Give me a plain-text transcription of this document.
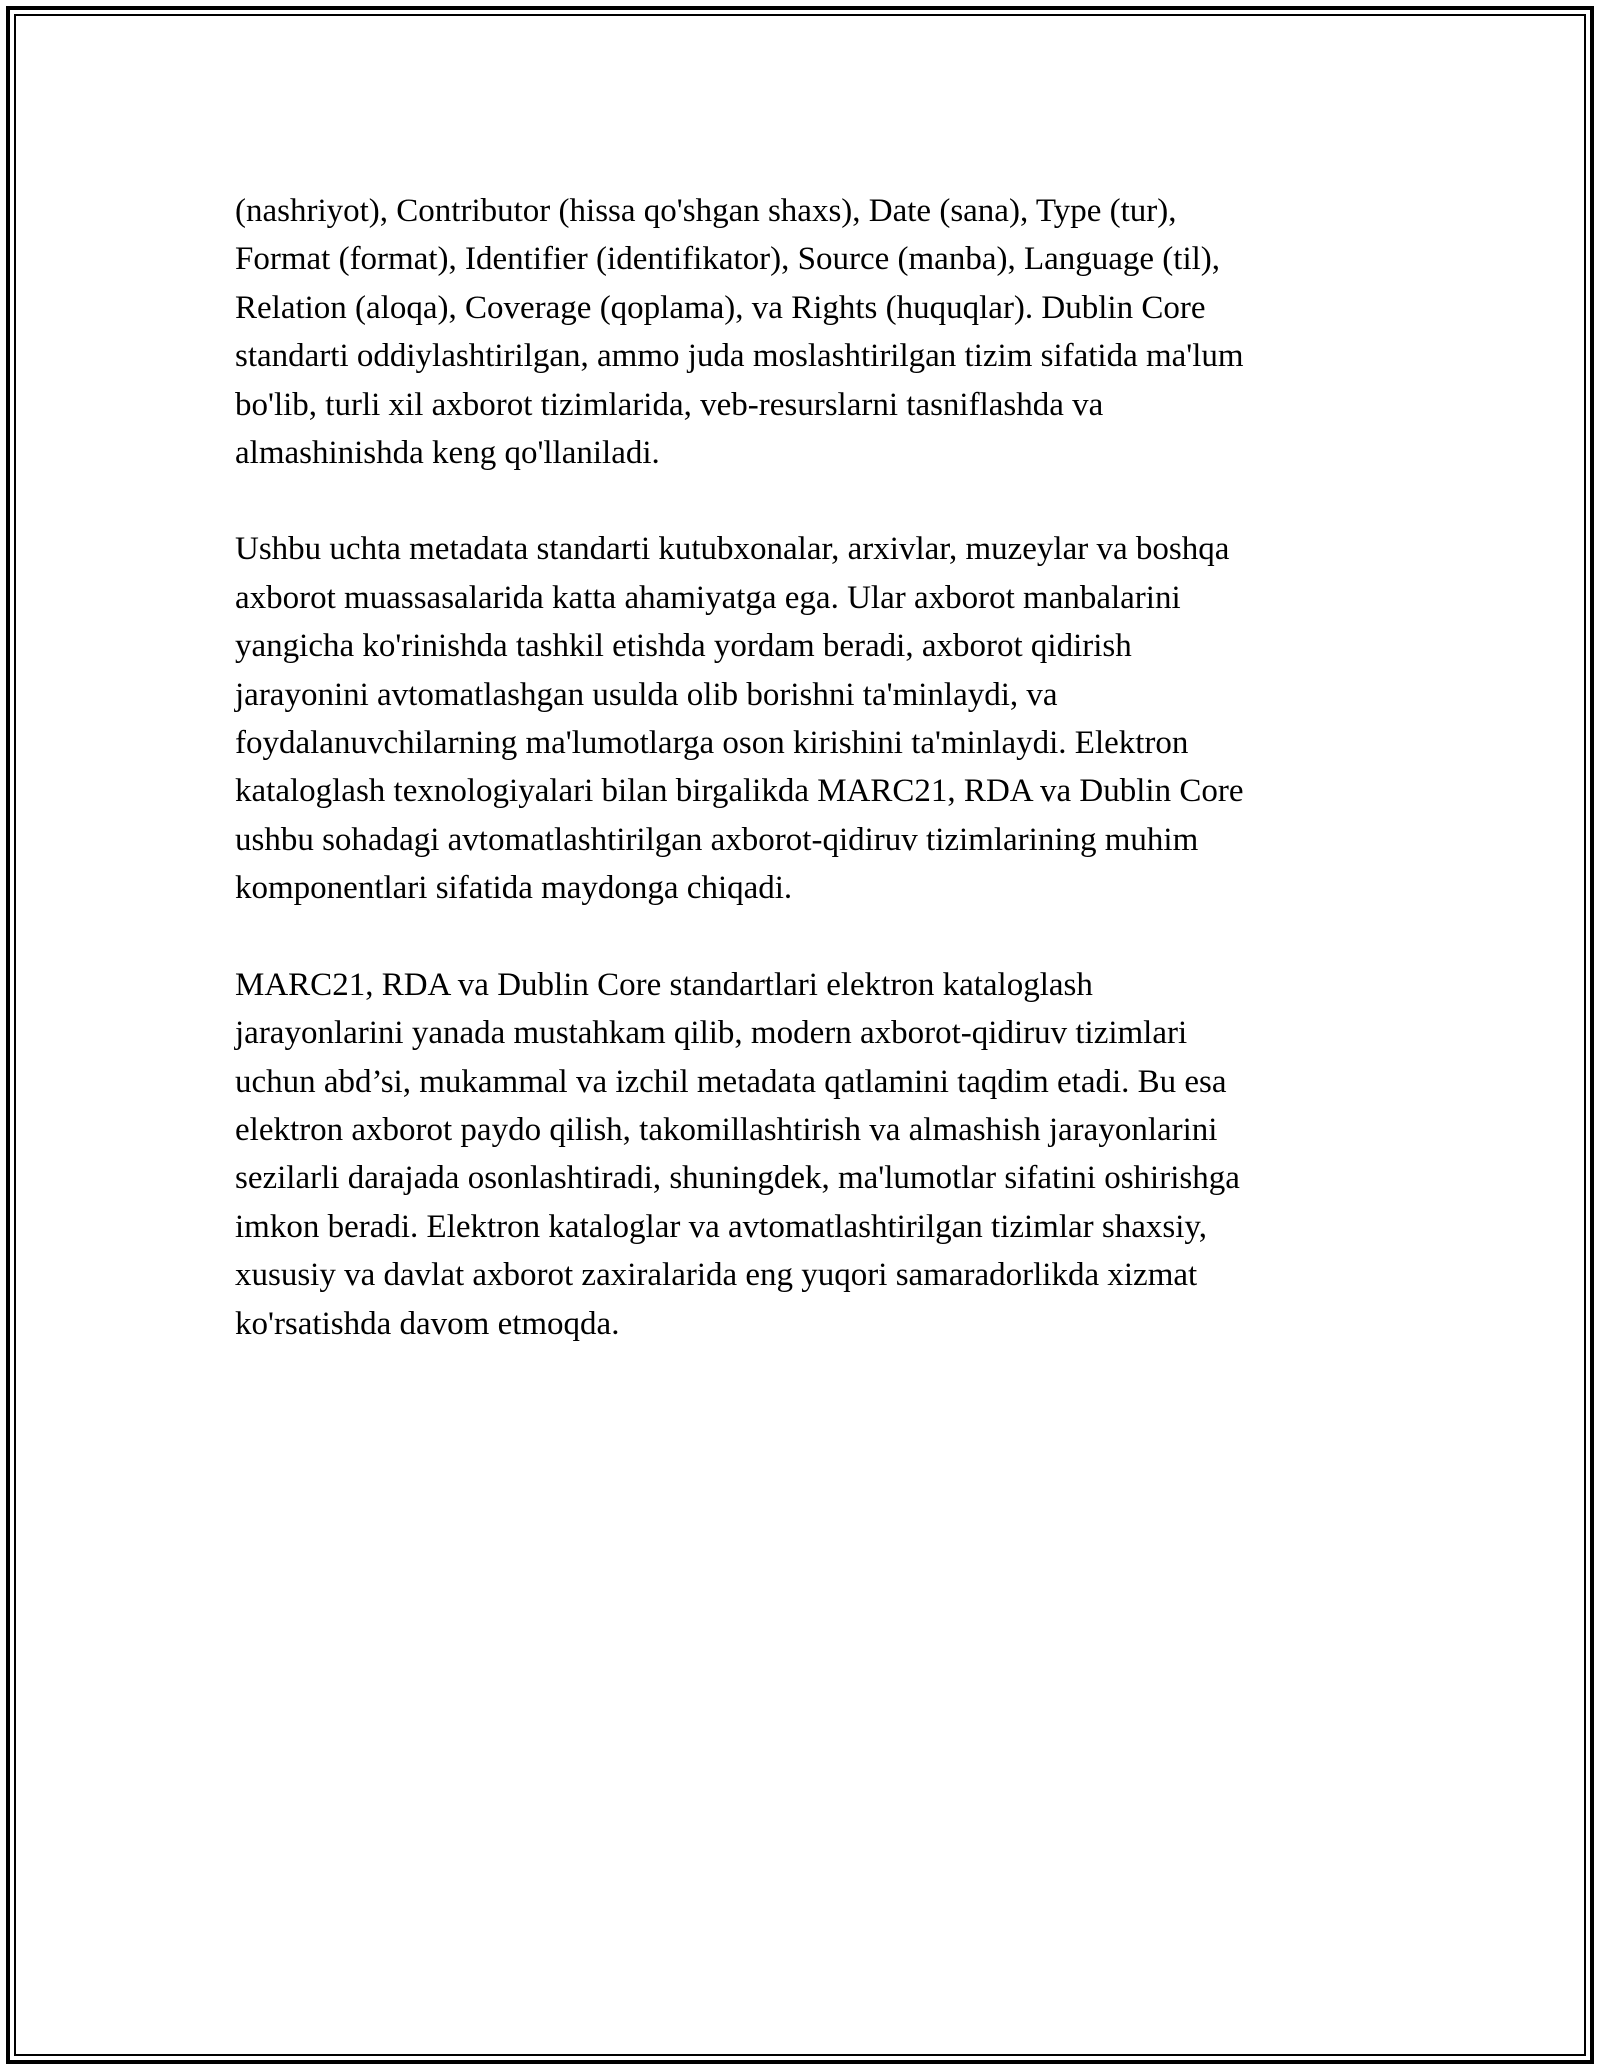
(nashriyot), Contributor (hissa qo'shgan shaxs), Date (sana), Type (tur),
Format (format), Identifier (identifikator), Source (manba), Language (til),
Relation (aloqa), Coverage (qoplama), va Rights (huquqlar). Dublin Core
standarti oddiylashtirilgan, ammo juda moslashtirilgan tizim sifatida ma'lum
bo'lib, turli xil axborot tizimlarida, veb-resurslarni tasniflashda va
almashinishda keng qo'llaniladi.

Ushbu uchta metadata standarti kutubxonalar, arxivlar, muzeylar va boshqa
axborot muassasalarida katta ahamiyatga ega. Ular axborot manbalarini
yangicha ko'rinishda tashkil etishda yordam beradi, axborot qidirish
jarayonini avtomatlashgan usulda olib borishni ta'minlaydi, va
foydalanuvchilarning ma'lumotlarga oson kirishini ta'minlaydi. Elektron
kataloglash texnologiyalari bilan birgalikda MARC21, RDA va Dublin Core
ushbu sohadagi avtomatlashtirilgan axborot-qidiruv tizimlarining muhim
komponentlari sifatida maydonga chiqadi.

MARC21, RDA va Dublin Core standartlari elektron kataloglash
jarayonlarini yanada mustahkam qilib, modern axborot-qidiruv tizimlari
uchun abd’si, mukammal va izchil metadata qatlamini taqdim etadi. Bu esa
elektron axborot paydo qilish, takomillashtirish va almashish jarayonlarini
sezilarli darajada osonlashtiradi, shuningdek, ma'lumotlar sifatini oshirishga
imkon beradi. Elektron kataloglar va avtomatlashtirilgan tizimlar shaxsiy,
xususiy va davlat axborot zaxiralarida eng yuqori samaradorlikda xizmat
ko'rsatishda davom etmoqda.
